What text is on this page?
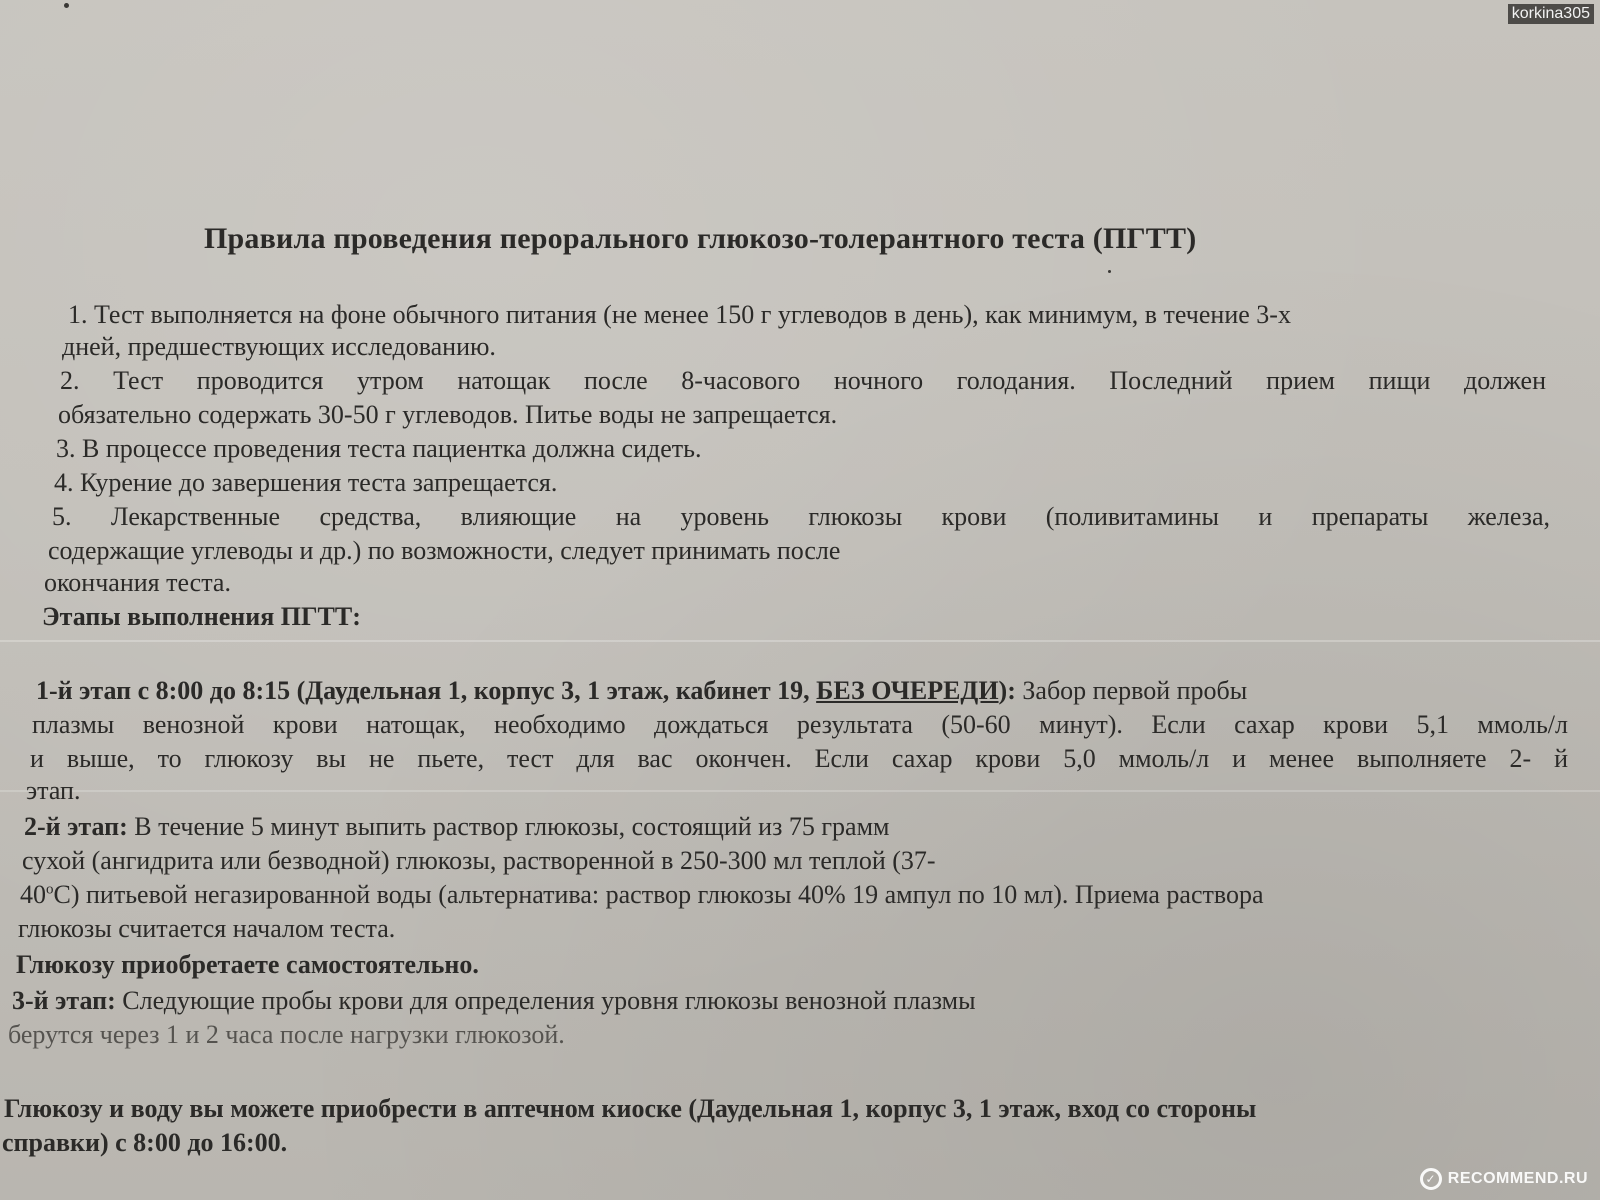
korkina305
Правила проведения перорального глюкозо-толерантного теста (ПГТТ)
1. Тест выполняется на фоне обычного питания (не менее 150 г углеводов в день), как минимум, в течение 3-х
дней, предшествующих исследованию.
2. Тест проводится утром натощак после 8-часового ночного голодания. Последний прием пищи должен
обязательно содержать 30-50 г углеводов. Питье воды не запрещается.
3. В процессе проведения теста пациентка должна сидеть.
4. Курение до завершения теста запрещается.
5. Лекарственные средства, влияющие на уровень глюкозы крови (поливитамины и препараты железа,
содержащие углеводы и др.) по возможности, следует принимать после
окончания теста.
Этапы выполнения ПГТТ:
1-й этап с 8:00 до 8:15 (Даудельная 1, корпус 3, 1 этаж, кабинет 19, БЕЗ ОЧЕРЕДИ): Забор первой пробы
плазмы венозной крови натощак, необходимо дождаться результата (50-60 минут). Если сахар крови 5,1 ммоль/л
и выше, то глюкозу вы не пьете, тест для вас окончен. Если сахар крови 5,0 ммоль/л и менее выполняете 2- й
этап.
2-й этап: В течение 5 минут выпить раствор глюкозы, состоящий из 75 грамм
сухой (ангидрита или безводной) глюкозы, растворенной в 250-300 мл теплой (37-
40$^o$С) питьевой негазированной воды (альтернатива: раствор глюкозы 40% 19 ампул по 10 мл). Приема раствора
глюкозы считается началом теста.
Глюкозу приобретаете самостоятельно.
3-й этап: Следующие пробы крови для определения уровня глюкозы венозной плазмы
берутся через 1 и 2 часа после нагрузки глюкозой.
Глюкозу и воду вы можете приобрести в аптечном киоске (Даудельная 1, корпус 3, 1 этаж, вход со стороны
справки) с 8:00 до 16:00.
✓ RECOMMEND.RU
